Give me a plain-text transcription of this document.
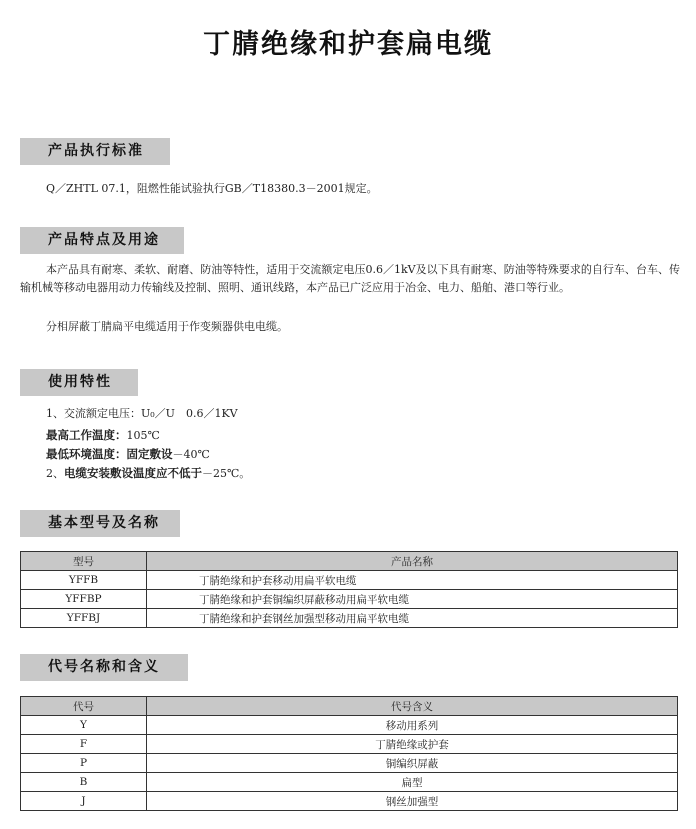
丁腈绝缘和护套扁电缆
产品执行标准
Q／ZHTL 07.1，阻燃性能试验执行GB／T18380.3－2001规定。
产品特点及用途
本产品具有耐寒、柔软、耐磨、防油等特性，适用于交流额定电压0.6／1kV及以下具有耐寒、防油等特殊要求的自行车、台车、传输机械等移动电器用动力传输线及控制、照明、通讯线路，本产品已广泛应用于冶金、电力、船舶、港口等行业。
分相屏蔽丁腈扁平电缆适用于作变频器供电电缆。
使用特性
1、交流额定电压：U₀／U　0.6／1KV
最高工作温度：105℃
最低环境温度：固定敷设－40℃
2、电缆安装敷设温度应不低于－25℃。
基本型号及名称
型号	产品名称
YFFB	丁腈绝缘和护套移动用扁平软电缆
YFFBP	丁腈绝缘和护套铜编织屏蔽移动用扁平软电缆
YFFBJ	丁腈绝缘和护套钢丝加强型移动用扁平软电缆
代号名称和含义
代号	代号含义
Y	移动用系列
F	丁腈绝缘或护套
P	铜编织屏蔽
B	扁型
J	钢丝加强型
